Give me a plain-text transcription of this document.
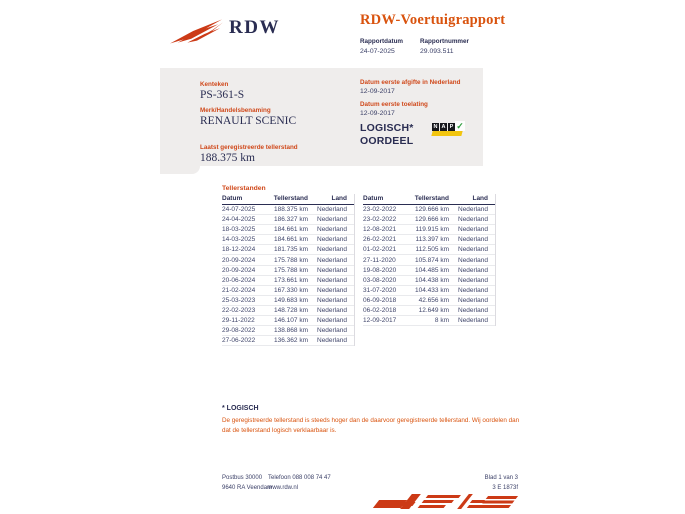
RDW	RDW-Voertuigrapport
Rapportdatum
24-07-2025
Rapportnummer
29.093.511
Kenteken
PS-361-S
Merk/Handelsbenaming
RENAULT SCENIC
Laatst geregistreerde tellerstand
188.375 km
Datum eerste afgifte in Nederland
12-09-2017
Datum eerste toelating
12-09-2017
LOGISCH*
OORDEEL
N A P ✓
Tellerstanden
Datum	Tellerstand	Land
24-07-2025	188.375 km	Nederland
24-04-2025	186.327 km	Nederland
18-03-2025	184.661 km	Nederland
14-03-2025	184.661 km	Nederland
18-12-2024	181.735 km	Nederland
20-09-2024	175.788 km	Nederland
20-09-2024	175.788 km	Nederland
20-06-2024	173.661 km	Nederland
21-02-2024	167.330 km	Nederland
25-03-2023	149.683 km	Nederland
22-02-2023	148.728 km	Nederland
29-11-2022	146.107 km	Nederland
29-08-2022	138.868 km	Nederland
27-06-2022	136.362 km	Nederland
Datum	Tellerstand	Land
23-02-2022	129.666 km	Nederland
23-02-2022	129.666 km	Nederland
12-08-2021	119.915 km	Nederland
26-02-2021	113.397 km	Nederland
01-02-2021	112.505 km	Nederland
27-11-2020	105.874 km	Nederland
19-08-2020	104.485 km	Nederland
03-08-2020	104.438 km	Nederland
31-07-2020	104.433 km	Nederland
06-09-2018	42.656 km	Nederland
06-02-2018	12.649 km	Nederland
12-09-2017	8 km	Nederland
* LOGISCH
De geregistreerde tellerstand is steeds hoger dan de daarvoor geregistreerde tellerstand. Wij oordelen dan
dat de tellerstand logisch verklaarbaar is.
Postbus 30000
9640 RA Veendam
Telefoon 088 008 74 47
www.rdw.nl
Blad 1 van 3
3 E 1873f
